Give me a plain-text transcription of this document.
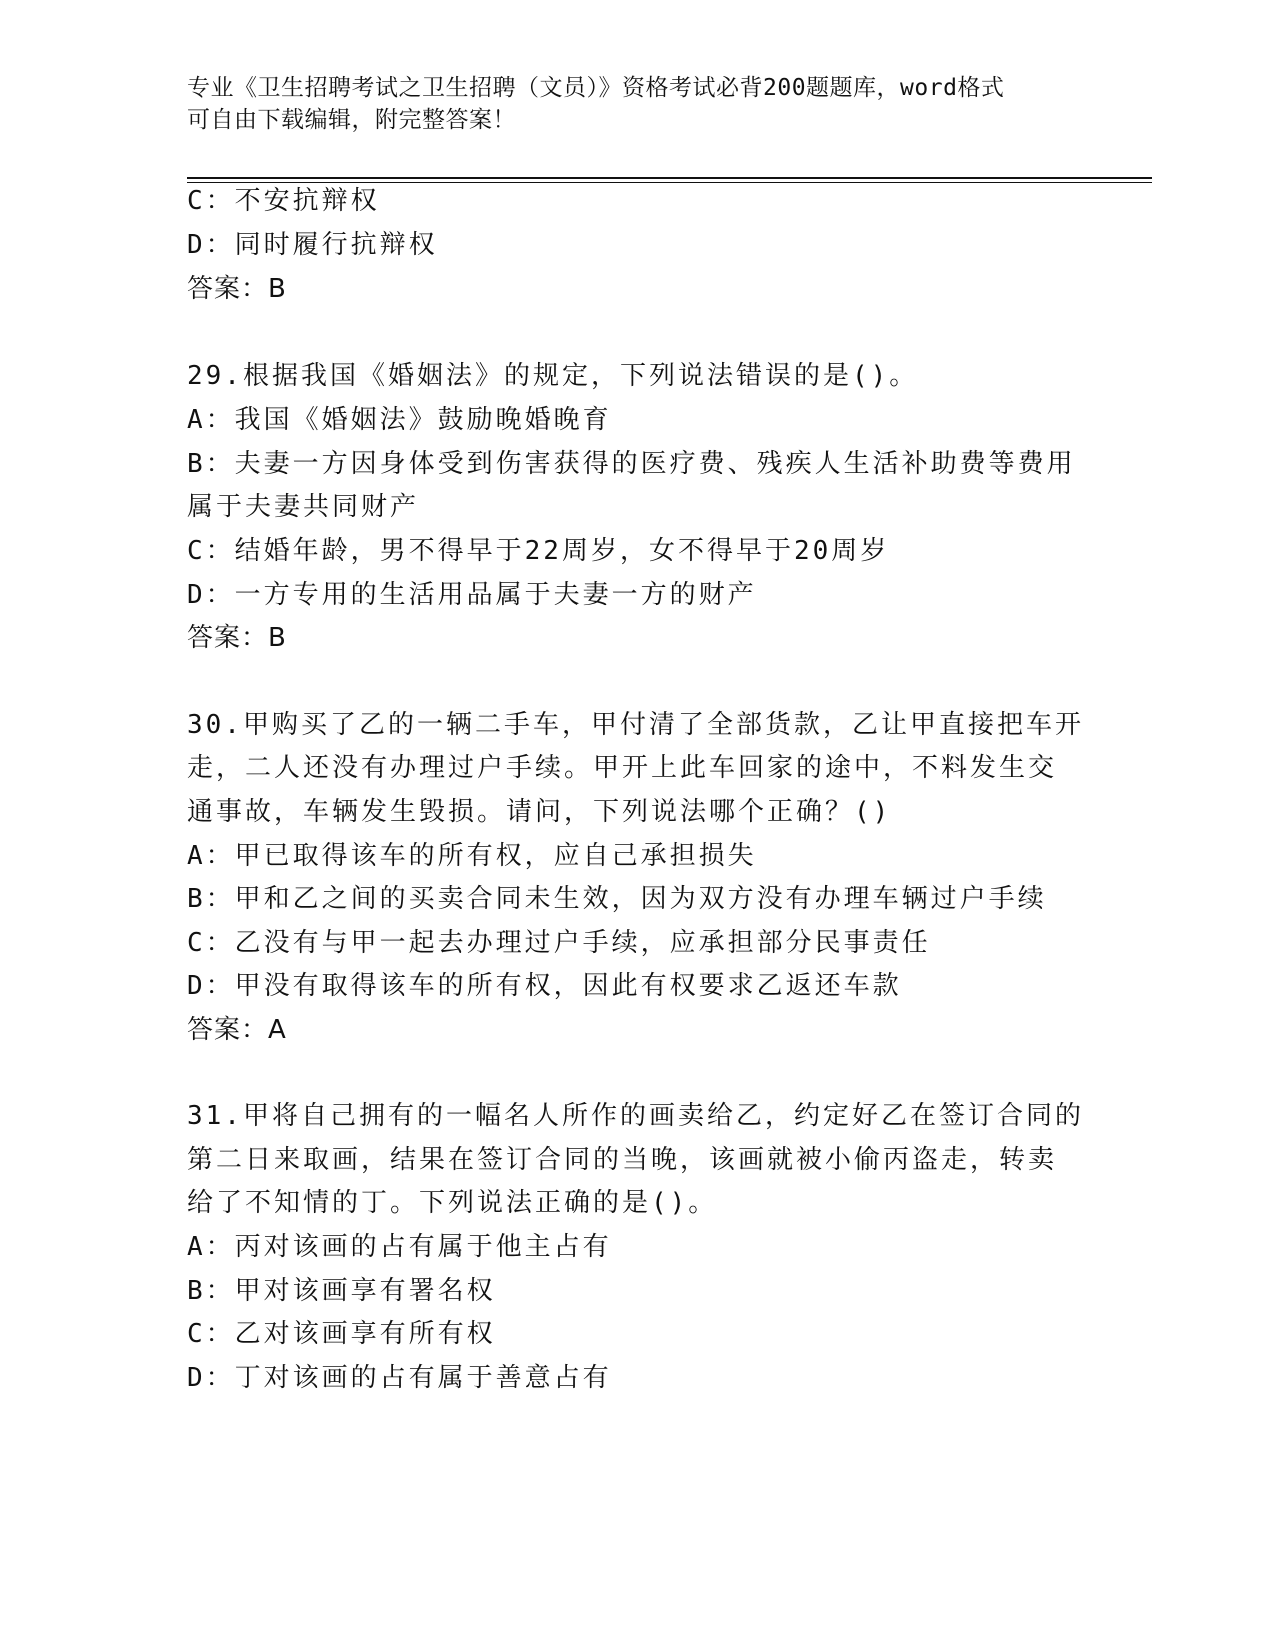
专业《卫生招聘考试之卫生招聘（文员）》资格考试必背200题题库，word格式
可自由下载编辑，附完整答案！
C：不安抗辩权
D：同时履行抗辩权
答案：B
29.根据我国《婚姻法》的规定，下列说法错误的是()。
A：我国《婚姻法》鼓励晚婚晚育
B：夫妻一方因身体受到伤害获得的医疗费、残疾人生活补助费等费用
属于夫妻共同财产
C：结婚年龄，男不得早于22周岁，女不得早于20周岁
D：一方专用的生活用品属于夫妻一方的财产
答案：B
30.甲购买了乙的一辆二手车，甲付清了全部货款，乙让甲直接把车开
走，二人还没有办理过户手续。甲开上此车回家的途中，不料发生交
通事故，车辆发生毁损。请问，下列说法哪个正确？()
A：甲已取得该车的所有权，应自己承担损失
B：甲和乙之间的买卖合同未生效，因为双方没有办理车辆过户手续
C：乙没有与甲一起去办理过户手续，应承担部分民事责任
D：甲没有取得该车的所有权，因此有权要求乙返还车款
答案：A
31.甲将自己拥有的一幅名人所作的画卖给乙，约定好乙在签订合同的
第二日来取画，结果在签订合同的当晚，该画就被小偷丙盗走，转卖
给了不知情的丁。下列说法正确的是()。
A：丙对该画的占有属于他主占有
B：甲对该画享有署名权
C：乙对该画享有所有权
D：丁对该画的占有属于善意占有
